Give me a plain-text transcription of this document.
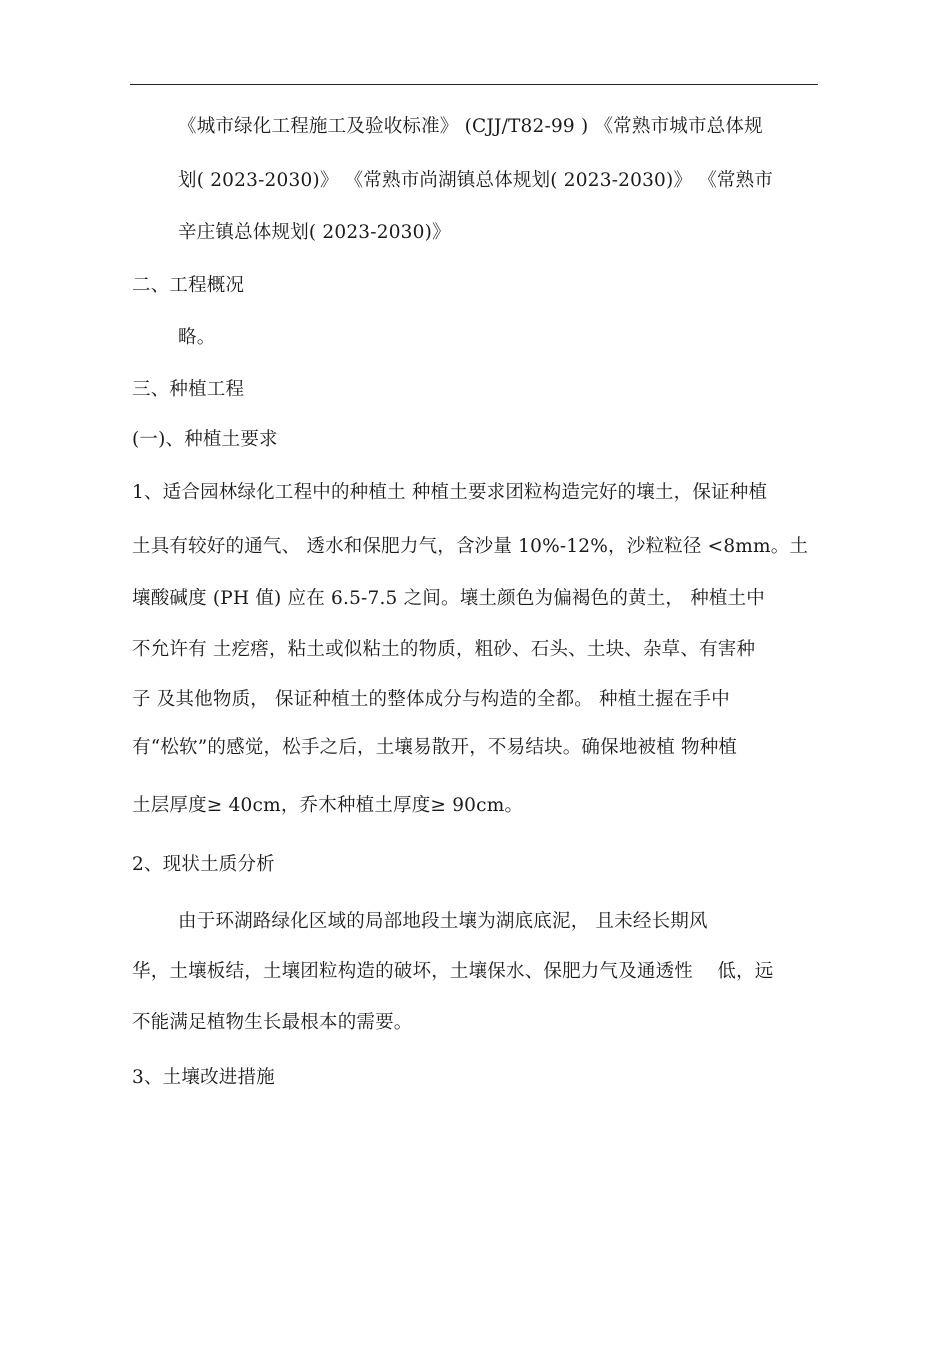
《城市绿化工程施工及验收标准》 (CJJ/T82-99 ) 《常熟市城市总体规
划( 2023-2030)》 《常熟市尚湖镇总体规划( 2023-2030)》 《常熟市
辛庄镇总体规划( 2023-2030)》
二、工程概况
略。
三、种植工程
(一)、种植土要求
1、适合园林绿化工程中的种植土 种植土要求团粒构造完好的壤土，保证种植
土具有较好的通气、 透水和保肥力气，含沙量 10%-12%，沙粒粒径 <8mm。土
壤酸碱度 (PH 值) 应在 6.5-7.5 之间。壤土颜色为偏褐色的黄土， 种植土中
不允许有 土疙瘩，粘土或似粘土的物质，粗砂、石头、土块、杂草、有害种
子 及其他物质， 保证种植土的整体成分与构造的全都。 种植土握在手中
有“松软”的感觉，松手之后，土壤易散开，不易结块。确保地被植 物种植
土层厚度≥ 40cm，乔木种植土厚度≥ 90cm。
2、现状土质分析
由于环湖路绿化区域的局部地段土壤为湖底底泥， 且未经长期风
华，土壤板结，土壤团粒构造的破坏，土壤保水、保肥力气及通透性    低，远
不能满足植物生长最根本的需要。
3、土壤改进措施
